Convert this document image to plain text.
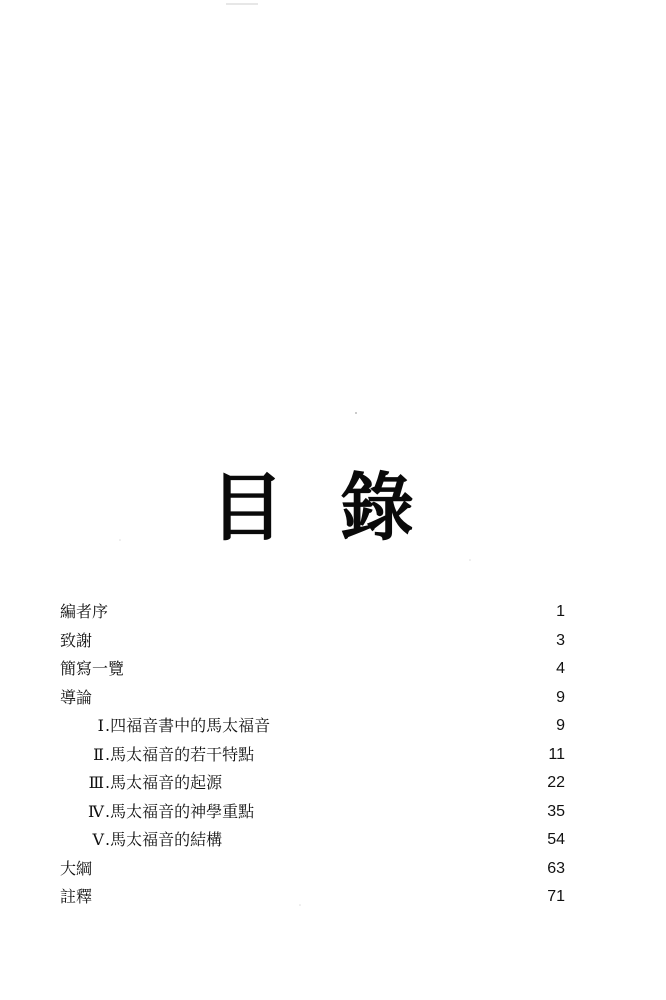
目 錄
編者序	1
致謝	3
簡寫一覽	4
導論	9
Ⅰ.四福音書中的馬太福音	9
Ⅱ.馬太福音的若干特點	11
Ⅲ.馬太福音的起源	22
Ⅳ.馬太福音的神學重點	35
Ⅴ.馬太福音的結構	54
大綱	63
註釋	71
